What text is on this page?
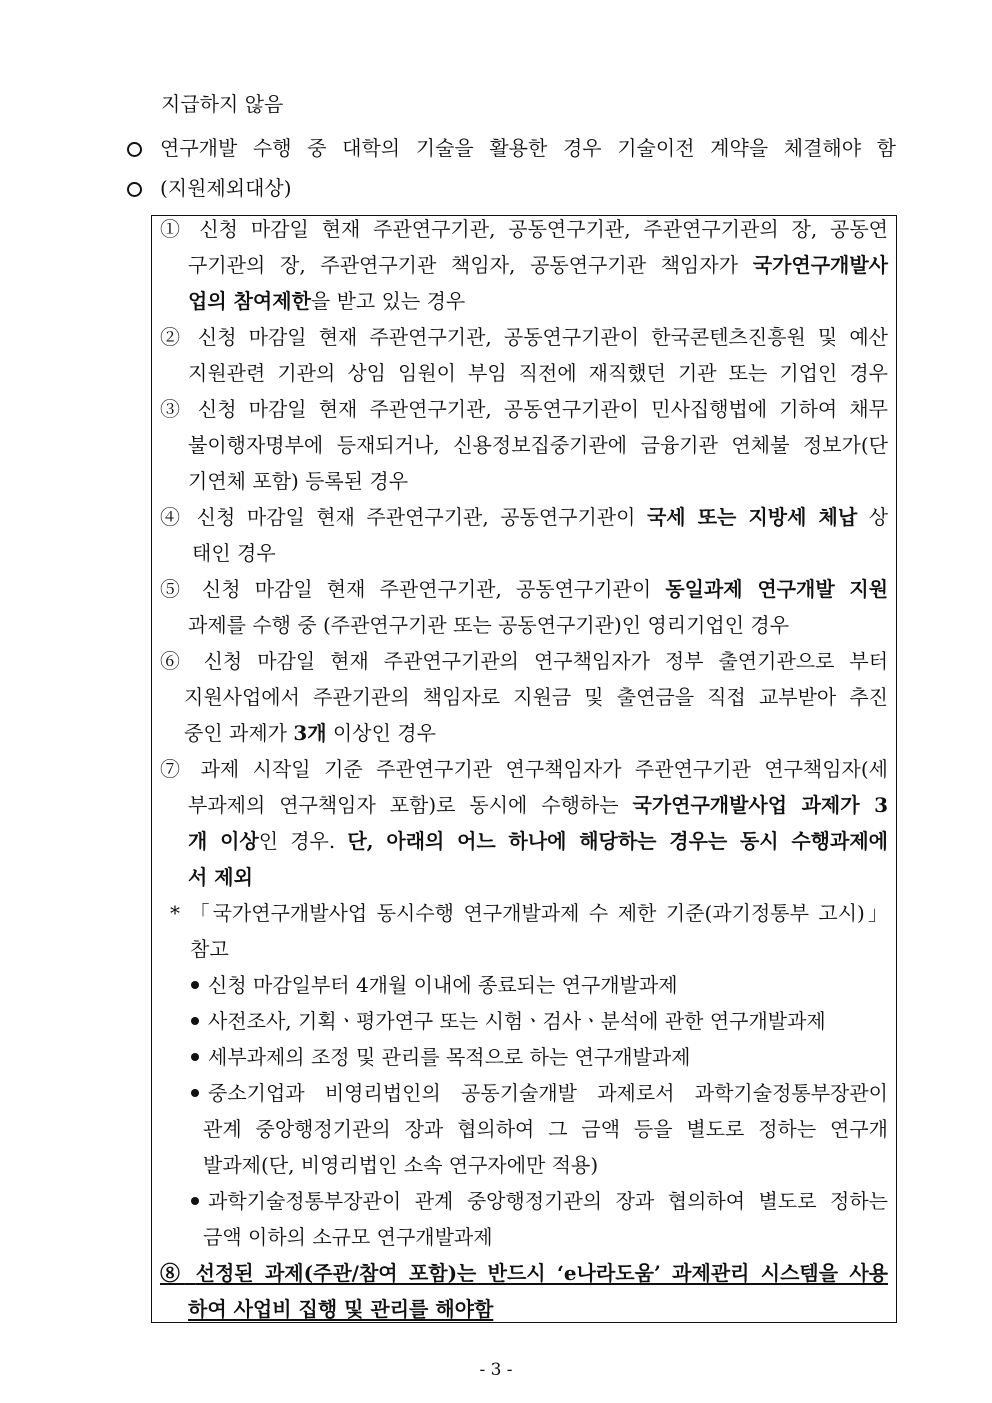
지급하지 않음
연구개발 수행 중 대학의 기술을 활용한 경우 기술이전 계약을 체결해야 함
(지원제외대상)
① 신청 마감일 현재 주관연구기관, 공동연구기관, 주관연구기관의 장, 공동연
구기관의 장, 주관연구기관 책임자, 공동연구기관 책임자가 국가연구개발사
업의 참여제한을 받고 있는 경우
② 신청 마감일 현재 주관연구기관, 공동연구기관이 한국콘텐츠진흥원 및 예산
지원관련 기관의 상임 임원이 부임 직전에 재직했던 기관 또는 기업인 경우
③ 신청 마감일 현재 주관연구기관, 공동연구기관이 민사집행법에 기하여 채무
불이행자명부에 등재되거나, 신용정보집중기관에 금융기관 연체불 정보가(단
기연체 포함) 등록된 경우
④ 신청 마감일 현재 주관연구기관, 공동연구기관이 국세 또는 지방세 체납 상
태인 경우
⑤ 신청 마감일 현재 주관연구기관, 공동연구기관이 동일과제 연구개발 지원
과제를 수행 중 (주관연구기관 또는 공동연구기관)인 영리기업인 경우
⑥ 신청 마감일 현재 주관연구기관의 연구책임자가 정부 출연기관으로 부터
지원사업에서 주관기관의 책임자로 지원금 및 출연금을 직접 교부받아 추진
중인 과제가 3개 이상인 경우
⑦ 과제 시작일 기준 주관연구기관 연구책임자가 주관연구기관 연구책임자(세
부과제의 연구책임자 포함)로 동시에 수행하는 국가연구개발사업 과제가 3
개 이상인 경우. 단, 아래의 어느 하나에 해당하는 경우는 동시 수행과제에
서 제외
* 「국가연구개발사업 동시수행 연구개발과제 수 제한 기준(과기정통부 고시)」
참고
신청 마감일부터 4개월 이내에 종료되는 연구개발과제
사전조사, 기획ㆍ평가연구 또는 시험ㆍ검사ㆍ분석에 관한 연구개발과제
세부과제의 조정 및 관리를 목적으로 하는 연구개발과제
중소기업과 비영리법인의 공동기술개발 과제로서 과학기술정통부장관이
관계 중앙행정기관의 장과 협의하여 그 금액 등을 별도로 정하는 연구개
발과제(단, 비영리법인 소속 연구자에만 적용)
과학기술정통부장관이 관계 중앙행정기관의 장과 협의하여 별도로 정하는
금액 이하의 소규모 연구개발과제
⑧ 선정된 과제(주관/참여 포함)는 반드시 ‘e나라도움’ 과제관리 시스템을 사용
하여 사업비 집행 및 관리를 해야함
- 3 -
